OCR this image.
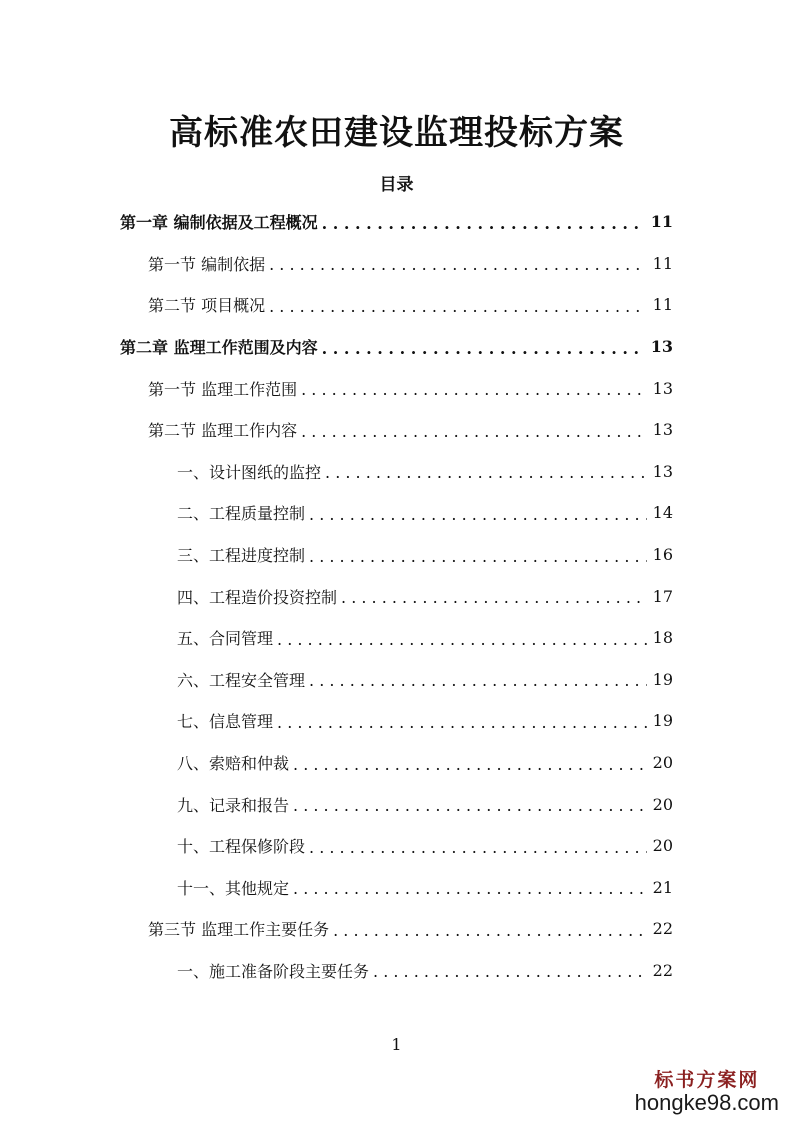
高标准农田建设监理投标方案
目录
第一章 编制依据及工程概况 . . .	11
第一节 编制依据 . . .	11
第二节 项目概况 . . .	11
第二章 监理工作范围及内容 . . .	13
第一节 监理工作范围 . . .	13
第二节 监理工作内容 . . .	13
一、设计图纸的监控 . . .	13
二、工程质量控制 . . .	14
三、工程进度控制 . . .	16
四、工程造价投资控制 . . .	17
五、合同管理 . . .	18
六、工程安全管理 . . .	19
七、信息管理 . . .	19
八、索赔和仲裁 . . .	20
九、记录和报告 . . .	20
十、工程保修阶段 . . .	20
十一、其他规定 . . .	21
第三节 监理工作主要任务 . . .	22
一、施工准备阶段主要任务 . . .	22
1
标书方案网
hongke98.com
